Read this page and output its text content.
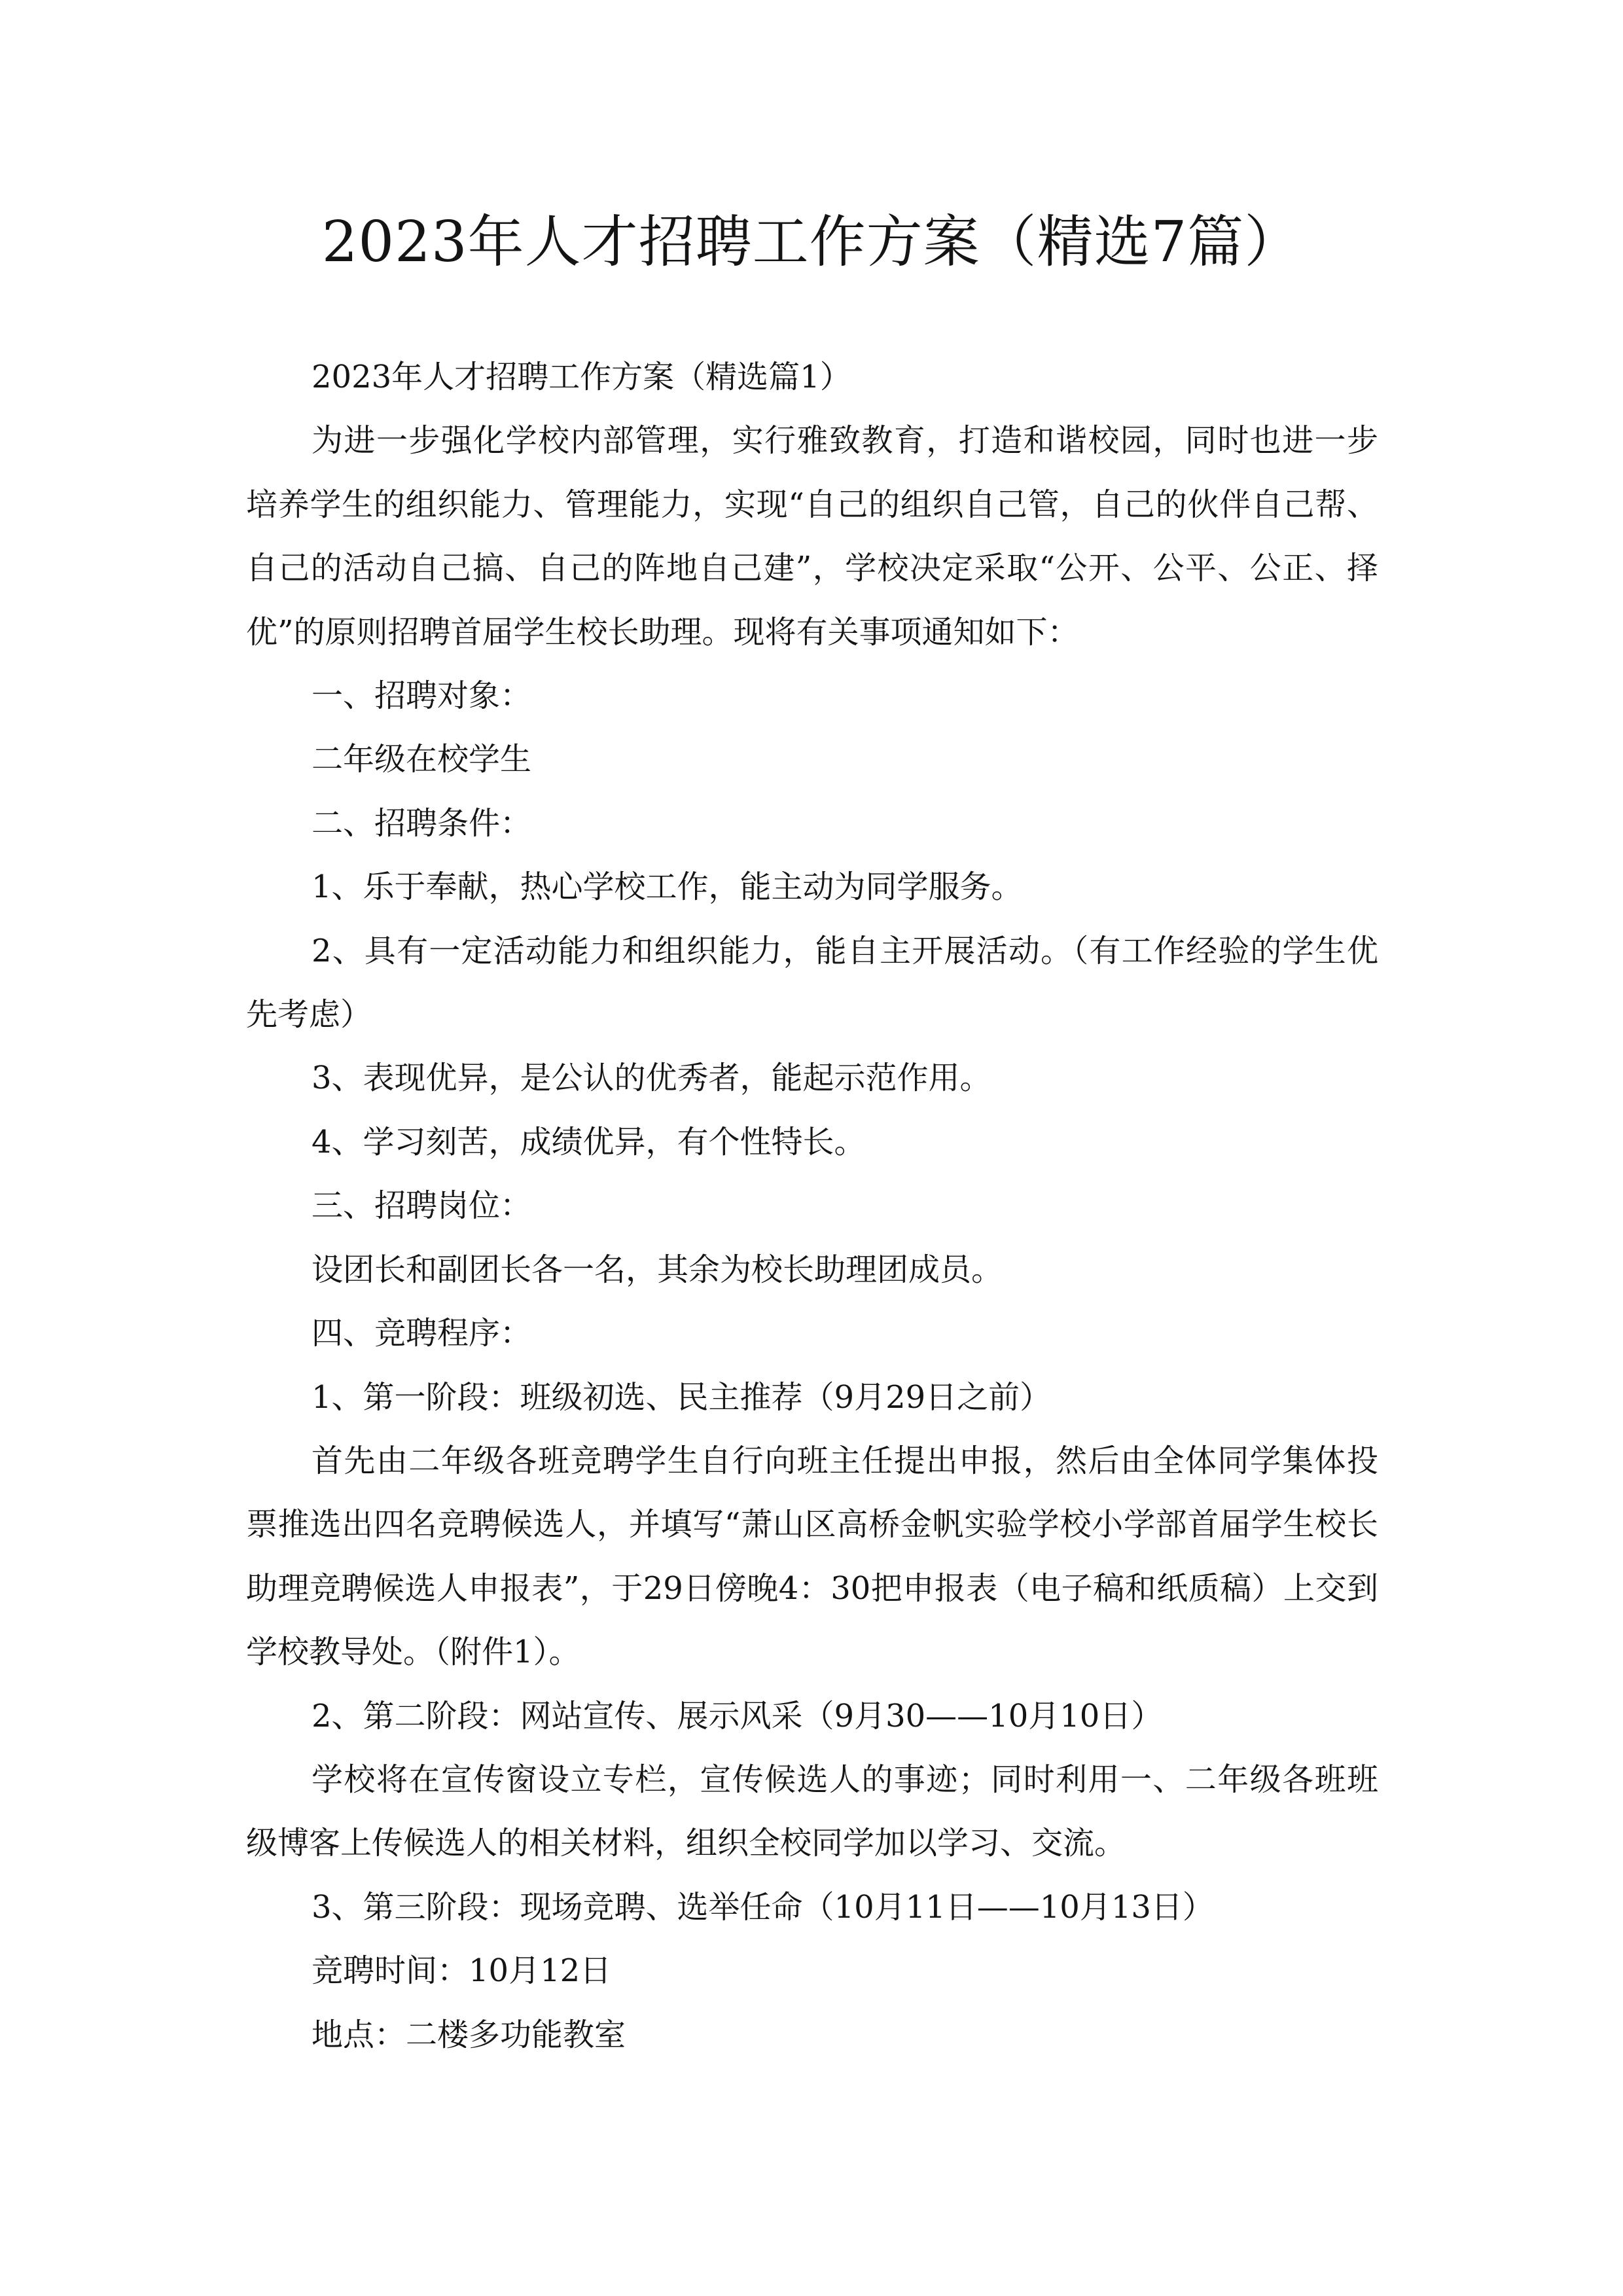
2023年人才招聘工作方案（精选7篇）

2023年人才招聘工作方案（精选篇1）

为进一步强化学校内部管理，实行雅致教育，打造和谐校园，同时也进一步培养学生的组织能力、管理能力，实现“自己的组织自己管，自己的伙伴自己帮、自己的活动自己搞、自己的阵地自己建”，学校决定采取“公开、公平、公正、择优”的原则招聘首届学生校长助理。现将有关事项通知如下：

一、招聘对象：

二年级在校学生

二、招聘条件：

1、乐于奉献，热心学校工作，能主动为同学服务。

2、具有一定活动能力和组织能力，能自主开展活动。（有工作经验的学生优先考虑）

3、表现优异，是公认的优秀者，能起示范作用。

4、学习刻苦，成绩优异，有个性特长。

三、招聘岗位：

设团长和副团长各一名，其余为校长助理团成员。

四、竞聘程序：

1、第一阶段：班级初选、民主推荐（9月29日之前）

首先由二年级各班竞聘学生自行向班主任提出申报，然后由全体同学集体投票推选出四名竞聘候选人，并填写“萧山区高桥金帆实验学校小学部首届学生校长助理竞聘候选人申报表”，于29日傍晚4：30把申报表（电子稿和纸质稿）上交到学校教导处。（附件1）。

2、第二阶段：网站宣传、展示风采（9月30——10月10日）

学校将在宣传窗设立专栏，宣传候选人的事迹；同时利用一、二年级各班班级博客上传候选人的相关材料，组织全校同学加以学习、交流。

3、第三阶段：现场竞聘、选举任命（10月11日——10月13日）

竞聘时间：10月12日

地点：二楼多功能教室
